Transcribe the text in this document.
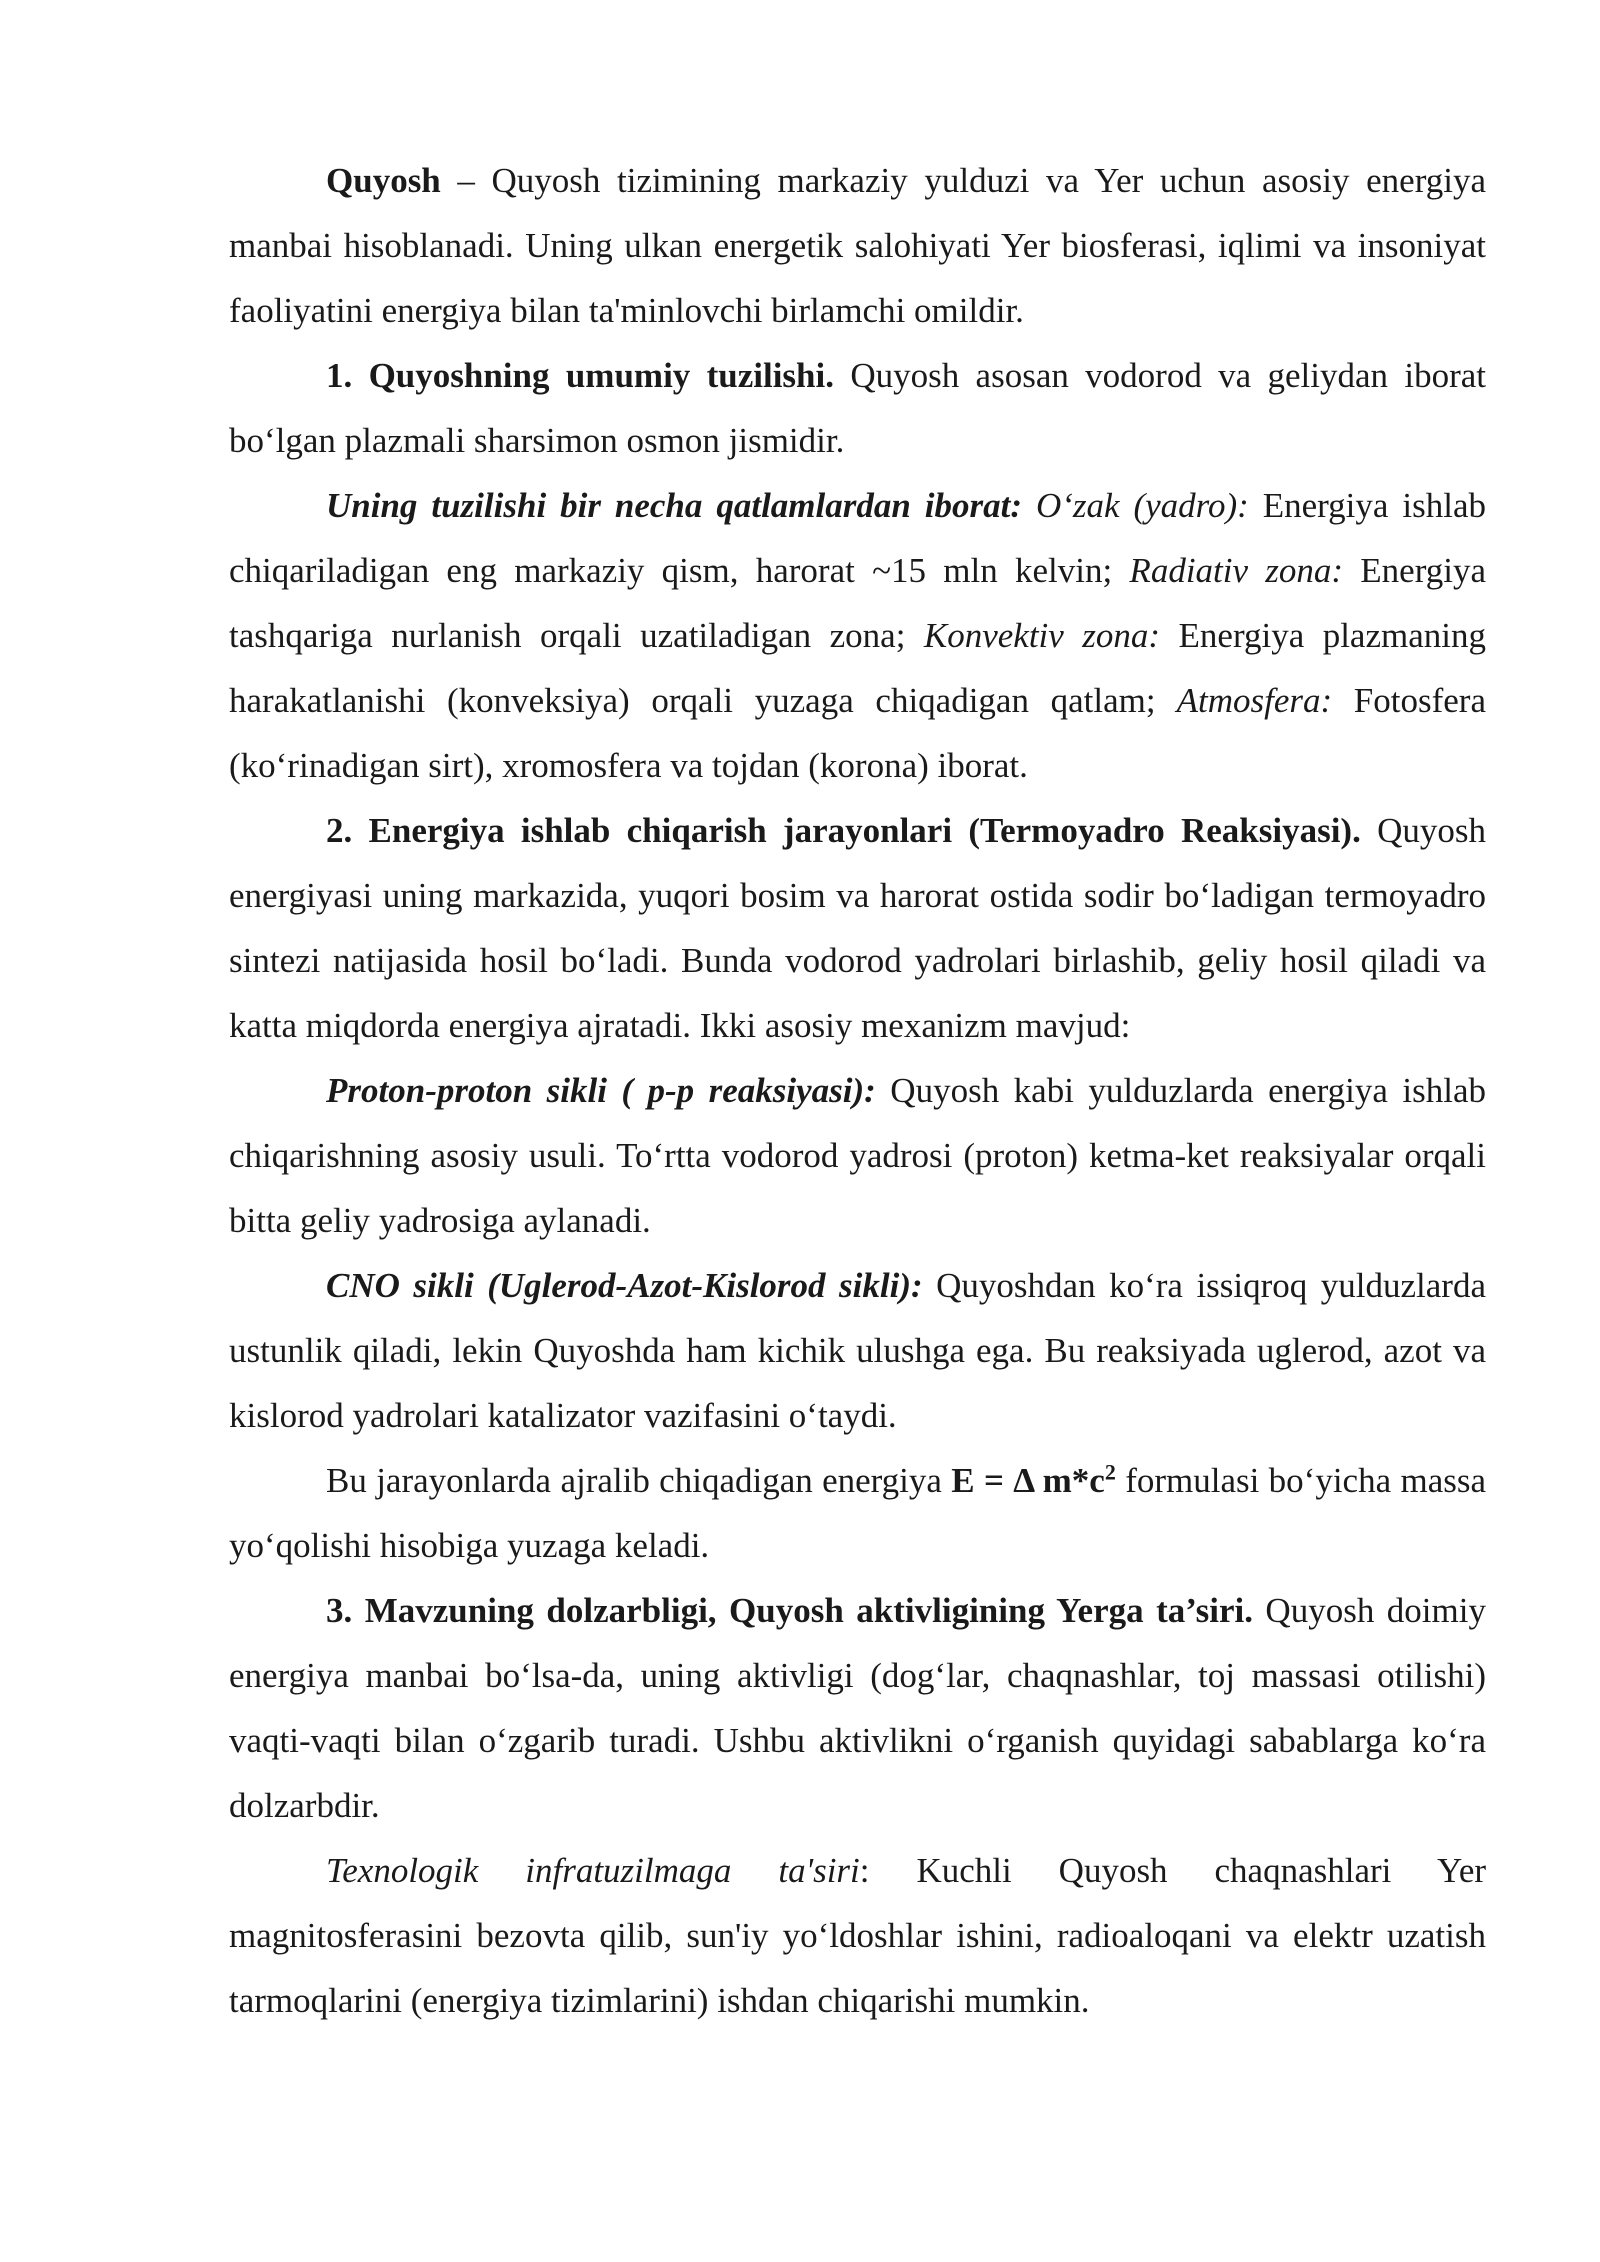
Quyosh – Quyosh tizimining markaziy yulduzi va Yer uchun asosiy energiya manbai hisoblanadi. Uning ulkan energetik salohiyati Yer biosferasi, iqlimi va insoniyat faoliyatini energiya bilan ta'minlovchi birlamchi omildir.

1. Quyoshning umumiy tuzilishi. Quyosh asosan vodorod va geliydan iborat bo‘lgan plazmali sharsimon osmon jismidir.

Uning tuzilishi bir necha qatlamlardan iborat: O‘zak (yadro): Energiya ishlab chiqariladigan eng markaziy qism, harorat ~15 mln kelvin; Radiativ zona: Energiya tashqariga nurlanish orqali uzatiladigan zona; Konvektiv zona: Energiya plazmaning harakatlanishi (konveksiya) orqali yuzaga chiqadigan qatlam; Atmosfera: Fotosfera (ko‘rinadigan sirt), xromosfera va tojdan (korona) iborat.

2. Energiya ishlab chiqarish jarayonlari (Termoyadro Reaksiyasi). Quyosh energiyasi uning markazida, yuqori bosim va harorat ostida sodir bo‘ladigan termoyadro sintezi natijasida hosil bo‘ladi. Bunda vodorod yadrolari birlashib, geliy hosil qiladi va katta miqdorda energiya ajratadi. Ikki asosiy mexanizm mavjud:

Proton-proton sikli ( p-p reaksiyasi): Quyosh kabi yulduzlarda energiya ishlab chiqarishning asosiy usuli. To‘rtta vodorod yadrosi (proton) ketma-ket reaksiyalar orqali bitta geliy yadrosiga aylanadi.

CNO sikli (Uglerod-Azot-Kislorod sikli): Quyoshdan ko‘ra issiqroq yulduzlarda ustunlik qiladi, lekin Quyoshda ham kichik ulushga ega. Bu reaksiyada uglerod, azot va kislorod yadrolari katalizator vazifasini o‘taydi.

Bu jarayonlarda ajralib chiqadigan energiya E = Δ $m*c^2$ formulasi bo‘yicha massa yo‘qolishi hisobiga yuzaga keladi.

3. Mavzuning dolzarbligi, Quyosh aktivligining Yerga ta’siri. Quyosh doimiy energiya manbai bo‘lsa-da, uning aktivligi (dog‘lar, chaqnashlar, toj massasi otilishi) vaqti-vaqti bilan o‘zgarib turadi. Ushbu aktivlikni o‘rganish quyidagi sabablarga ko‘ra dolzarbdir.

Texnologik infratuzilmaga ta'siri: Kuchli Quyosh chaqnashlari Yer magnitosferasini bezovta qilib, sun'iy yo‘ldoshlar ishini, radioaloqani va elektr uzatish tarmoqlarini (energiya tizimlarini) ishdan chiqarishi mumkin.
